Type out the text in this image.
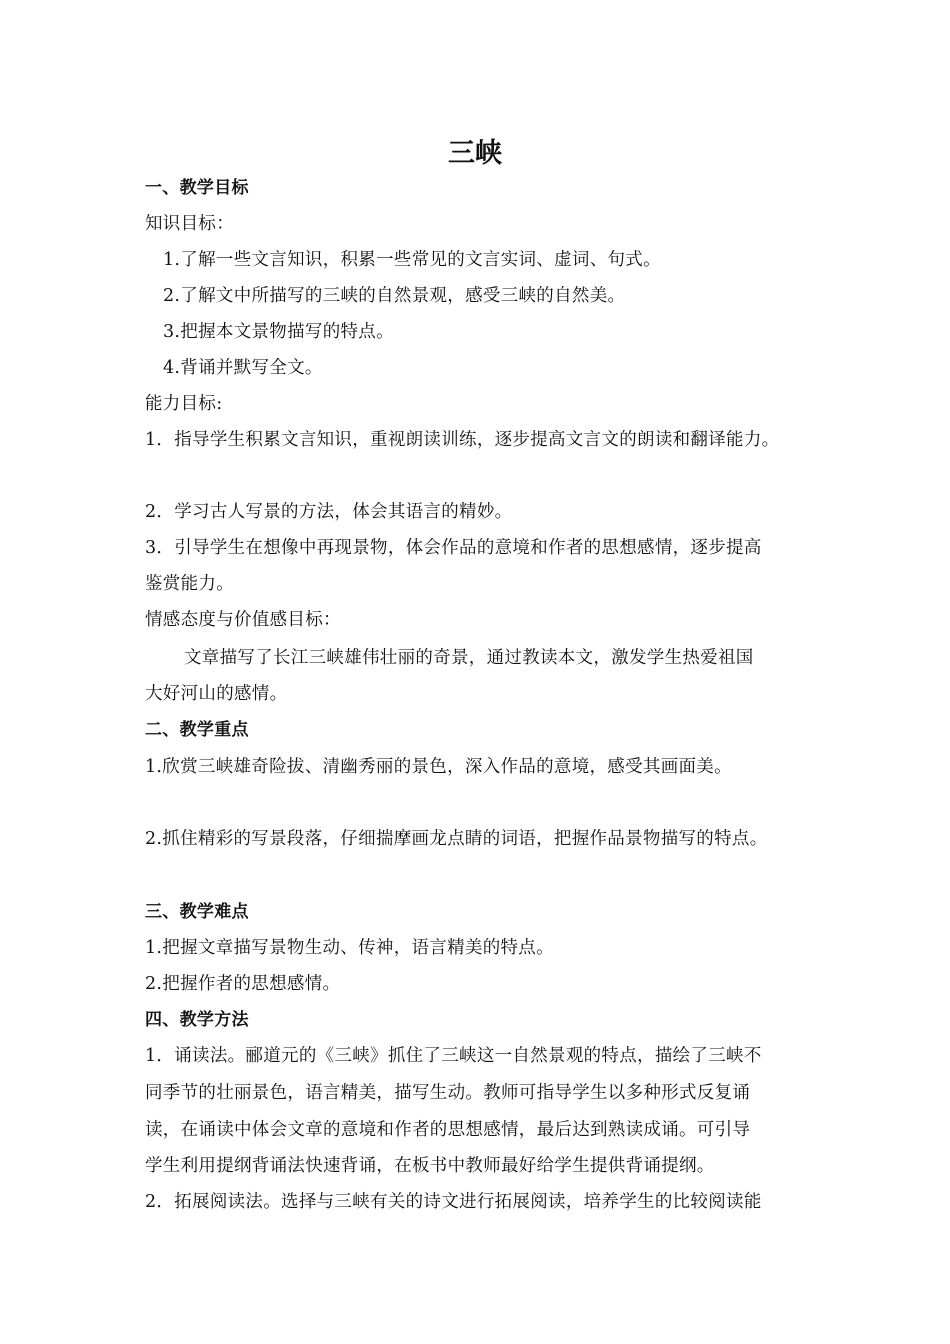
三峡
一、教学目标
知识目标：
1.了解一些文言知识，积累一些常见的文言实词、虚词、句式。
2.了解文中所描写的三峡的自然景观，感受三峡的自然美。
3.把握本文景物描写的特点。
4.背诵并默写全文。
能力目标:
1．指导学生积累文言知识，重视朗读训练，逐步提高文言文的朗读和翻译能力。
2．学习古人写景的方法，体会其语言的精妙。
3．引导学生在想像中再现景物，体会作品的意境和作者的思想感情，逐步提高
鉴赏能力。
情感态度与价值感目标：
文章描写了长江三峡雄伟壮丽的奇景，通过教读本文，激发学生热爱祖国
大好河山的感情。
二、教学重点
1.欣赏三峡雄奇险拔、清幽秀丽的景色，深入作品的意境，感受其画面美。
2.抓住精彩的写景段落，仔细揣摩画龙点睛的词语，把握作品景物描写的特点。
三、教学难点
1.把握文章描写景物生动、传神，语言精美的特点。
2.把握作者的思想感情。
四、教学方法
1．诵读法。郦道元的《三峡》抓住了三峡这一自然景观的特点，描绘了三峡不
同季节的壮丽景色，语言精美，描写生动。教师可指导学生以多种形式反复诵
读，在诵读中体会文章的意境和作者的思想感情，最后达到熟读成诵。可引导
学生利用提纲背诵法快速背诵，在板书中教师最好给学生提供背诵提纲。
2．拓展阅读法。选择与三峡有关的诗文进行拓展阅读，培养学生的比较阅读能
